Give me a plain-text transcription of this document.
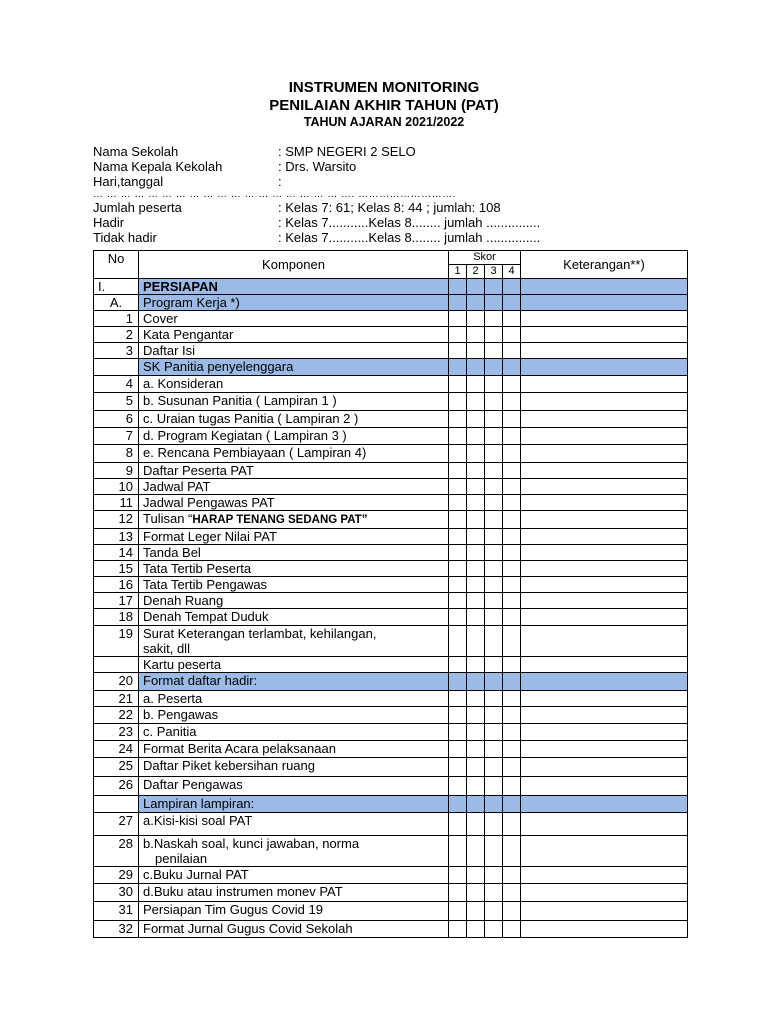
INSTRUMEN MONITORING
PENILAIAN AKHIR TAHUN (PAT)
TAHUN AJARAN 2021/2022
Nama Sekolah	: SMP NEGERI 2 SELO
Nama Kepala Kekolah	: Drs. Warsito
Hari,tanggal	:
… … … … … … … … … … … … … … … … … … …. ……………………….
Jumlah peserta	: Kelas 7: 61; Kelas 8: 44 ; jumlah: 108
Hadir	: Kelas 7...........Kelas 8........ jumlah ...............
Tidak hadir	: Kelas 7...........Kelas 8........ jumlah ...............
No	Komponen	Skor				Keterangan**)
		1	2	3	4	
I.	PERSIAPAN					
A.	Program Kerja *)					
1	Cover					
2	Kata Pengantar					
3	Daftar Isi					
	SK Panitia penyelenggara					
4	a. Konsideran					
5	b. Susunan Panitia ( Lampiran 1 )					
6	c. Uraian tugas Panitia ( Lampiran 2 )					
7	d. Program Kegiatan ( Lampiran 3 )					
8	e. Rencana Pembiayaan ( Lampiran 4)					
9	Daftar Peserta PAT					
10	Jadwal PAT					
11	Jadwal Pengawas PAT					
12	Tulisan “HARAP TENANG SEDANG PAT”					
13	Format Leger Nilai PAT					
14	Tanda Bel					
15	Tata Tertib Peserta					
16	Tata Tertib Pengawas					
17	Denah Ruang					
18	Denah Tempat Duduk					
19	Surat Keterangan terlambat, kehilangan,
sakit, dll					
	Kartu peserta					
20	Format daftar hadir:					
21	a. Peserta					
22	b. Pengawas					
23	c. Panitia					
24	Format Berita Acara pelaksanaan					
25	Daftar Piket kebersihan ruang					
26	Daftar Pengawas					
	Lampiran lampiran:					
27	a.Kisi-kisi soal PAT					
28	b.Naskah soal, kunci jawaban, norma
penilaian					
29	c.Buku Jurnal PAT					
30	d.Buku atau instrumen monev PAT					
31	Persiapan Tim Gugus Covid 19					
32	Format Jurnal Gugus Covid Sekolah					
